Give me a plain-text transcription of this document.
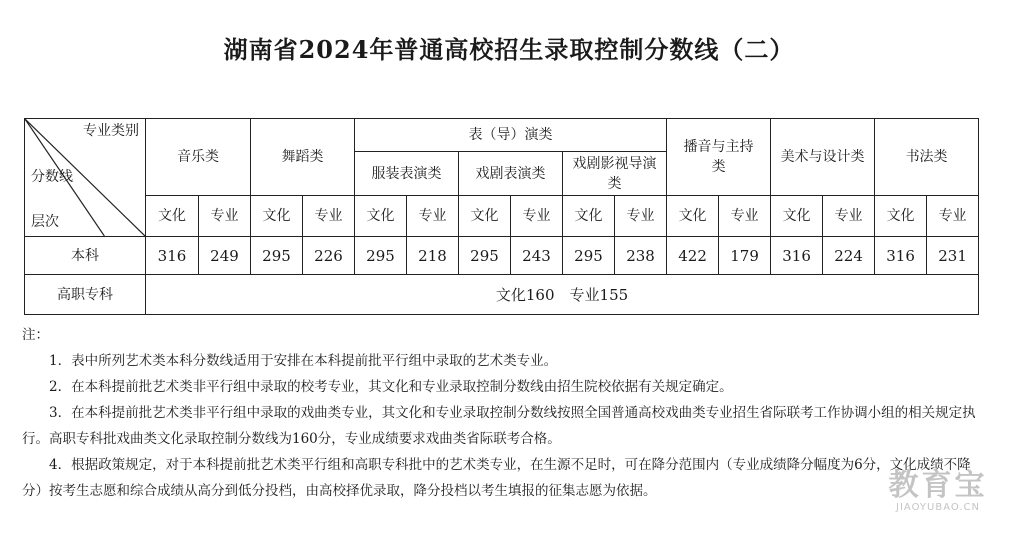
湖南省2024年普通高校招生录取控制分数线（二）
专业类别
分数线
层次	音乐类		舞蹈类		表（导）演类						播音与主持类		美术与设计类		书法类	
					服装表演类		戏剧表演类		戏剧影视导演类							

	文化	专业	文化	专业	文化	专业	文化	专业	文化	专业	文化	专业	文化	专业	文化	专业
本科	316	249	295	226	295	218	295	243	295	238	422	179	316	224	316	231
高职专科	文化160　专业155															

注：

1．表中所列艺术类本科分数线适用于安排在本科提前批平行组中录取的艺术类专业。

2．在本科提前批艺术类非平行组中录取的校考专业，其文化和专业录取控制分数线由招生院校依据有关规定确定。

3．在本科提前批艺术类非平行组中录取的戏曲类专业，其文化和专业录取控制分数线按照全国普通高校戏曲类专业招生省际联考工作协调小组的相关规定执行。高职专科批戏曲类文化录取控制分数线为160分，专业成绩要求戏曲类省际联考合格。

4．根据政策规定，对于本科提前批艺术类平行组和高职专科批中的艺术类专业，在生源不足时，可在降分范围内（专业成绩降分幅度为6分，文化成绩不降分）按考生志愿和综合成绩从高分到低分投档，由高校择优录取，降分投档以考生填报的征集志愿为依据。	教育宝
JIAOYUBAO.CN
